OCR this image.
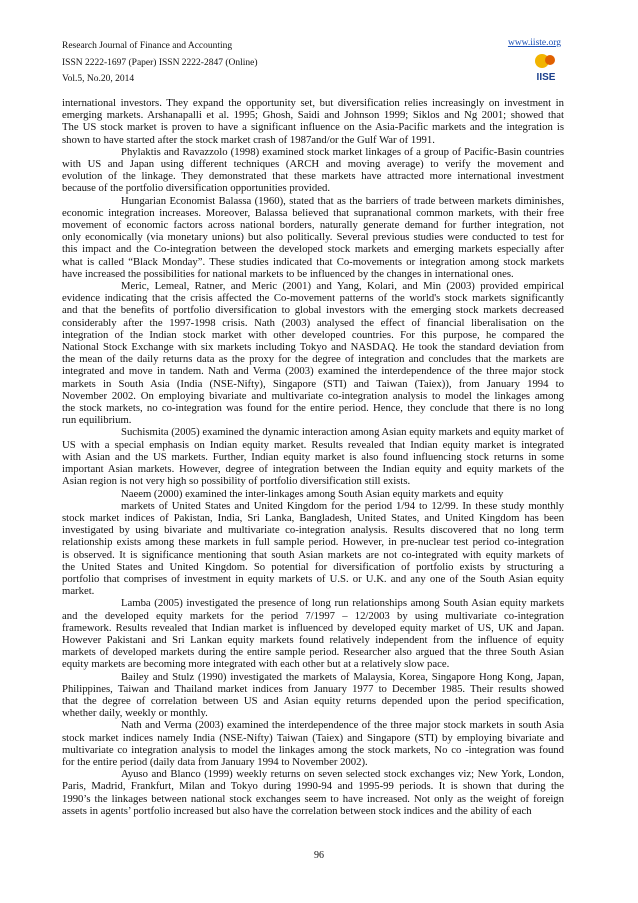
Research Journal of Finance and Accounting
ISSN 2222-1697 (Paper) ISSN 2222-2847 (Online)
Vol.5, No.20, 2014
www.iiste.org
IISE
international investors. They expand the opportunity set, but diversification relies increasingly on investment in
emerging markets. Arshanapalli et al. 1995; Ghosh, Saidi and Johnson 1999; Siklos and Ng 2001; showed that
The US stock market is proven to have a significant influence on the Asia-Pacific markets and the integration is
shown to have started after the stock market crash of 1987and/or the Gulf War of 1991.
Phylaktis and Ravazzolo (1998) examined stock market linkages of a group of Pacific-Basin countries
with US and Japan using different techniques (ARCH and moving average) to verify the movement and
evolution of the linkage. They demonstrated that these markets have attracted more international investment
because of the portfolio diversification opportunities provided.
Hungarian Economist Balassa (1960), stated that as the barriers of trade between markets diminishes,
economic integration increases. Moreover, Balassa believed that supranational common markets, with their free
movement of economic factors across national borders, naturally generate demand for further integration, not
only economically (via monetary unions) but also politically. Several previous studies were conducted to test for
this impact and the Co-integration between the developed stock markets and emerging markets especially after
what is called “Black Monday”. These studies indicated that Co-movements or integration among stock markets
have increased the possibilities for national markets to be influenced by the changes in international ones.
Meric, Lemeal, Ratner, and Meric (2001) and Yang, Kolari, and Min (2003) provided empirical
evidence indicating that the crisis affected the Co-movement patterns of the world's stock markets significantly
and that the benefits of portfolio diversification to global investors with the emerging stock markets decreased
considerably after the 1997-1998 crisis. Nath (2003) analysed the effect of financial liberalisation on the
integration of the Indian stock market with other developed countries. For this purpose, he compared the
National Stock Exchange with six markets including Tokyo and NASDAQ. He took the standard deviation from
the mean of the daily returns data as the proxy for the degree of integration and concludes that the markets are
integrated and move in tandem. Nath and Verma (2003) examined the interdependence of the three major stock
markets in South Asia (India (NSE-Nifty), Singapore (STI) and Taiwan (Taiex)), from January 1994 to
November 2002. On employing bivariate and multivariate co-integration analysis to model the linkages among
the stock markets, no co-integration was found for the entire period. Hence, they conclude that there is no long
run equilibrium.
Suchismita (2005) examined the dynamic interaction among Asian equity markets and equity market of
US with a special emphasis on Indian equity market. Results revealed that Indian equity market is integrated
with Asian and the US markets. Further, Indian equity market is also found influencing stock returns in some
important Asian markets. However, degree of integration between the Indian equity and equity markets of the
Asian region is not very high so possibility of portfolio diversification still exists.
Naeem (2000) examined the inter-linkages among South Asian equity markets and equity
markets of United States and United Kingdom for the period 1/94 to 12/99. In these study monthly
stock market indices of Pakistan, India, Sri Lanka, Bangladesh, United States, and United Kingdom has been
investigated by using bivariate and multivariate co-integration analysis. Results discovered that no long term
relationship exists among these markets in full sample period. However, in pre-nuclear test period co-integration
is observed. It is significance mentioning that south Asian markets are not co-integrated with equity markets of
the United States and United Kingdom. So potential for diversification of portfolio exists by structuring a
portfolio that comprises of investment in equity markets of U.S. or U.K. and any one of the South Asian equity
market.
Lamba (2005) investigated the presence of long run relationships among South Asian equity markets
and the developed equity markets for the period 7/1997 – 12/2003 by using multivariate co-integration
framework. Results revealed that Indian market is influenced by developed equity market of US, UK and Japan.
However Pakistani and Sri Lankan equity markets found relatively independent from the influence of equity
markets of developed markets during the entire sample period. Researcher also argued that the three South Asian
equity markets are becoming more integrated with each other but at a relatively slow pace.
Bailey and Stulz (1990) investigated the markets of Malaysia, Korea, Singapore Hong Kong, Japan,
Philippines, Taiwan and Thailand market indices from January 1977 to December 1985. Their results showed
that the degree of correlation between US and Asian equity returns depended upon the period specification,
whether daily, weekly or monthly.
Nath and Verma (2003) examined the interdependence of the three major stock markets in south Asia
stock market indices namely India (NSE-Nifty) Taiwan (Taiex) and Singapore (STI) by employing bivariate and
multivariate co integration analysis to model the linkages among the stock markets, No co -integration was found
for the entire period (daily data from January 1994 to November 2002).
Ayuso and Blanco (1999) weekly returns on seven selected stock exchanges viz; New York, London,
Paris, Madrid, Frankfurt, Milan and Tokyo during 1990-94 and 1995-99 periods. It is shown that during the
1990’s the linkages between national stock exchanges seem to have increased. Not only as the weight of foreign
assets in agents’ portfolio increased but also have the correlation between stock indices and the ability of each
96
